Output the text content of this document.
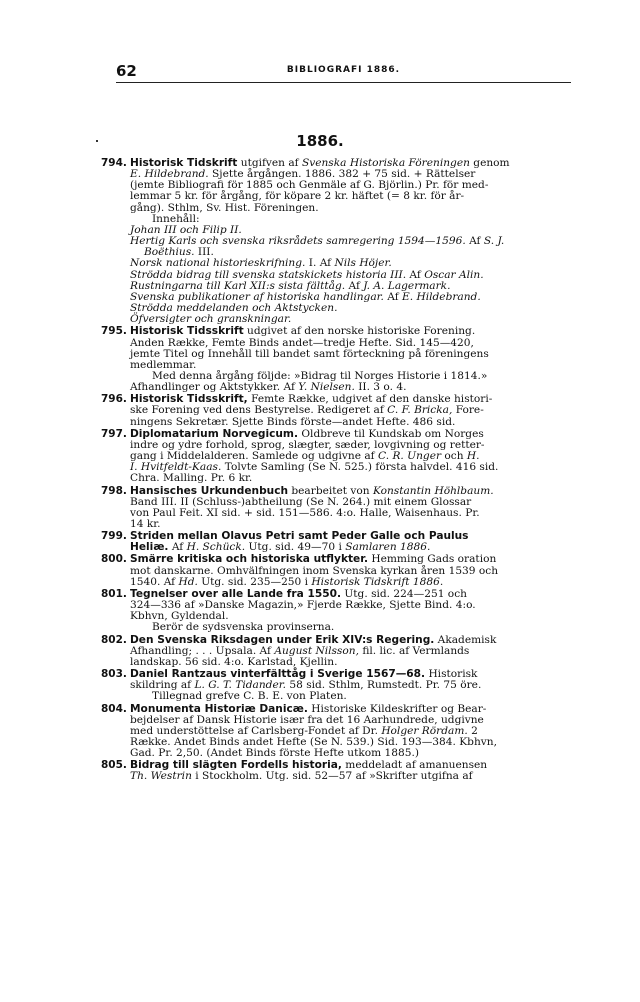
62	BIBLIOGRAFI 1886.
1886.
794. Historisk Tidskrift utgifven af Svenska Historiska Föreningen genom
E. Hildebrand. Sjette årgången. 1886. 382 + 75 sid. + Rättelser
(jemte Bibliografi för 1885 och Genmäle af G. Björlin.) Pr. för med-
lemmar 5 kr. för årgång, för köpare 2 kr. häftet (= 8 kr. för år-
gång). Sthlm, Sv. Hist. Föreningen.
Innehåll:
Johan III och Filip II.
Hertig Karls och svenska riksrådets samregering 1594—1596. Af S. J.
Boëthius. III.
Norsk national historieskrifning. I. Af Nils Höjer.
Strödda bidrag till svenska statskickets historia III. Af Oscar Alin.
Rustningarna till Karl XII:s sista fälttåg. Af J. A. Lagermark.
Svenska publikationer af historiska handlingar. Af E. Hildebrand.
Strödda meddelanden och Aktstycken.
Öfversigter och granskningar.
795. Historisk Tidsskrift udgivet af den norske historiske Forening.
Anden Række, Femte Binds andet—tredje Hefte. Sid. 145—420,
jemte Titel og Innehåll till bandet samt förteckning på föreningens
medlemmar.
Med denna årgång följde: »Bidrag til Norges Historie i 1814.»
Afhandlinger og Aktstykker. Af Y. Nielsen. II. 3 o. 4.
796. Historisk Tidsskrift, Femte Række, udgivet af den danske histori-
ske Forening ved dens Bestyrelse. Redigeret af C. F. Bricka, Fore-
ningens Sekretær. Sjette Binds förste—andet Hefte. 486 sid.
797. Diplomatarium Norvegicum. Oldbreve til Kundskab om Norges
indre og ydre forhold, sprog, slægter, sæder, lovgivning og retter-
gang i Middelalderen. Samlede og udgivne af C. R. Unger och H.
I. Hvitfeldt-Kaas. Tolvte Samling (Se N. 525.) första halvdel. 416 sid.
Chra. Malling. Pr. 6 kr.
798. Hansisches Urkundenbuch bearbeitet von Konstantin Höhlbaum.
Band III. II (Schluss-)abtheilung (Se N. 264.) mit einem Glossar
von Paul Feit. XI sid. + sid. 151—586. 4:o. Halle, Waisenhaus. Pr.
14 kr.
799. Striden mellan Olavus Petri samt Peder Galle och Paulus
Heliæ. Af H. Schück. Utg. sid. 49—70 i Samlaren 1886.
800. Smärre kritiska och historiska utflykter. Hemming Gads oration
mot danskarne. Omhvälfningen inom Svenska kyrkan åren 1539 och
1540. Af Hd. Utg. sid. 235—250 i Historisk Tidskrift 1886.
801. Tegnelser over alle Lande fra 1550. Utg. sid. 224—251 och
324—336 af »Danske Magazin,» Fjerde Række, Sjette Bind. 4:o.
Kbhvn, Gyldendal.
Berör de sydsvenska provinserna.
802. Den Svenska Riksdagen under Erik XIV:s Regering. Akademisk
Afhandling; . . . Upsala. Af August Nilsson, fil. lic. af Vermlands
landskap. 56 sid. 4:o. Karlstad, Kjellin.
803. Daniel Rantzaus vinterfälttåg i Sverige 1567—68. Historisk
skildring af L. G. T. Tidander. 58 sid. Sthlm, Rumstedt. Pr. 75 öre.
Tillegnad grefve C. B. E. von Platen.
804. Monumenta Historiæ Danicæ. Historiske Kildeskrifter og Bear-
bejdelser af Dansk Historie især fra det 16 Aarhundrede, udgivne
med understöttelse af Carlsberg-Fondet af Dr. Holger Rördam. 2
Række. Andet Binds andet Hefte (Se N. 539.) Sid. 193—384. Kbhvn,
Gad. Pr. 2,50. (Andet Binds förste Hefte utkom 1885.)
805. Bidrag till slägten Fordells historia, meddeladt af amanuensen
Th. Westrin i Stockholm. Utg. sid. 52—57 af »Skrifter utgifna af
